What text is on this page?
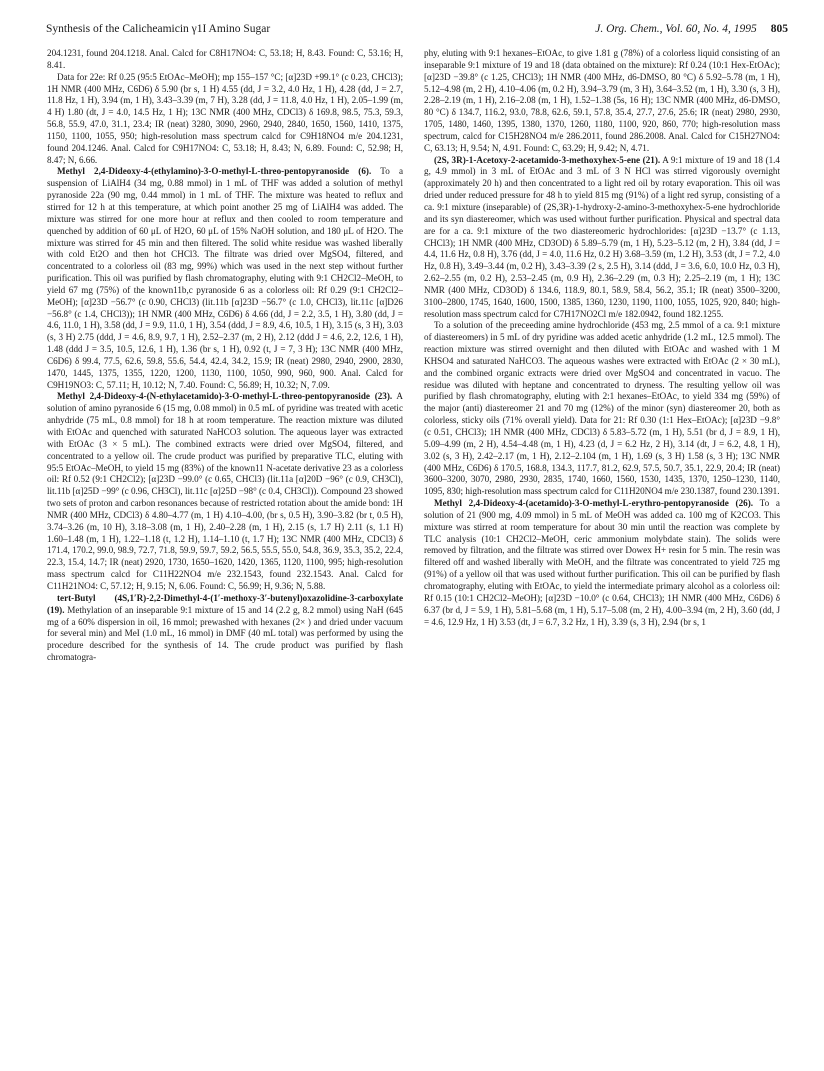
Synthesis of the Calicheamicin γ1I Amino Sugar	J. Org. Chem., Vol. 60, No. 4, 1995 805

204.1231, found 204.1218. Anal. Calcd for C8H17NO4: C, 53.18; H, 8.43. Found: C, 53.16; H, 8.41.

Data for 22e: Rf 0.25 (95:5 EtOAc–MeOH); mp 155–157 °C; [α]23D +99.1° (c 0.23, CHCl3); 1H NMR (400 MHz, C6D6) δ 5.90 (br s, 1 H) 4.55 (dd, J = 3.2, 4.0 Hz, 1 H), 4.28 (dd, J = 2.7, 11.8 Hz, 1 H), 3.94 (m, 1 H), 3.43–3.39 (m, 7 H), 3.28 (dd, J = 11.8, 4.0 Hz, 1 H), 2.05–1.99 (m, 4 H) 1.80 (dt, J = 4.0, 14.5 Hz, 1 H); 13C NMR (400 MHz, CDCl3) δ 169.8, 98.5, 75.3, 59.3, 56.8, 55.9, 47.0, 31.1, 23.4; IR (neat) 3280, 3090, 2960, 2940, 2840, 1650, 1560, 1410, 1375, 1150, 1100, 1055, 950; high-resolution mass spectrum calcd for C9H18NO4 m/e 204.1231, found 204.1246. Anal. Calcd for C9H17NO4: C, 53.18; H, 8.43; N, 6.89. Found: C, 52.98; H, 8.47; N, 6.66.

Methyl 2,4-Dideoxy-4-(ethylamino)-3-O-methyl-L-threo-pentopyranoside (6). To a suspension of LiAlH4 (34 mg, 0.88 mmol) in 1 mL of THF was added a solution of methyl pyranoside 22a (90 mg, 0.44 mmol) in 1 mL of THF. The mixture was heated to reflux and stirred for 12 h at this temperature, at which point another 25 mg of LiAlH4 was added. The mixture was stirred for one more hour at reflux and then cooled to room temperature and quenched by addition of 60 μL of H2O, 60 μL of 15% NaOH solution, and 180 μL of H2O. The mixture was stirred for 45 min and then filtered. The solid white residue was washed liberally with cold Et2O and then hot CHCl3. The filtrate was dried over MgSO4, filtered, and concentrated to a colorless oil (83 mg, 99%) which was used in the next step without further purification. This oil was purified by flash chromatography, eluting with 9:1 CH2Cl2–MeOH, to yield 67 mg (75%) of the known11b,c pyranoside 6 as a colorless oil: Rf 0.29 (9:1 CH2Cl2–MeOH); [α]23D −56.7° (c 0.90, CHCl3) (lit.11b [α]23D −56.7° (c 1.0, CHCl3), lit.11c [α]D26 −56.8° (c 1.4, CHCl3)); 1H NMR (400 MHz, C6D6) δ 4.66 (dd, J = 2.2, 3.5, 1 H), 3.80 (dd, J = 4.6, 11.0, 1 H), 3.58 (dd, J = 9.9, 11.0, 1 H), 3.54 (ddd, J = 8.9, 4.6, 10.5, 1 H), 3.15 (s, 3 H), 3.03 (s, 3 H) 2.75 (ddd, J = 4.6, 8.9, 9.7, 1 H), 2.52–2.37 (m, 2 H), 2.12 (ddd J = 4.6, 2.2, 12.6, 1 H), 1.48 (ddd J = 3.5, 10.5, 12.6, 1 H), 1.36 (br s, 1 H), 0.92 (t, J = 7, 3 H); 13C NMR (400 MHz, C6D6) δ 99.4, 77.5, 62.6, 59.8, 55.6, 54.4, 42.4, 34.2, 15.9; IR (neat) 2980, 2940, 2900, 2830, 1470, 1445, 1375, 1355, 1220, 1200, 1130, 1100, 1050, 990, 960, 900. Anal. Calcd for C9H19NO3: C, 57.11; H, 10.12; N, 7.40. Found: C, 56.89; H, 10.32; N, 7.09.

Methyl 2,4-Dideoxy-4-(N-ethylacetamido)-3-O-methyl-L-threo-pentopyranoside (23). A solution of amino pyranoside 6 (15 mg, 0.08 mmol) in 0.5 mL of pyridine was treated with acetic anhydride (75 mL, 0.8 mmol) for 18 h at room temperature. The reaction mixture was diluted with EtOAc and quenched with saturated NaHCO3 solution. The aqueous layer was extracted with EtOAc (3 × 5 mL). The combined extracts were dried over MgSO4, filtered, and concentrated to a yellow oil. The crude product was purified by preparative TLC, eluting with 95:5 EtOAc–MeOH, to yield 15 mg (83%) of the known11 N-acetate derivative 23 as a colorless oil: Rf 0.52 (9:1 CH2Cl2); [α]23D −99.0° (c 0.65, CHCl3) (lit.11a [α]20D −96° (c 0.9, CH3Cl), lit.11b [α]25D −99° (c 0.96, CH3Cl), lit.11c [α]25D −98° (c 0.4, CH3Cl)). Compound 23 showed two sets of proton and carbon resonances because of restricted rotation about the amide bond: 1H NMR (400 MHz, CDCl3) δ 4.80–4.77 (m, 1 H) 4.10–4.00, (br s, 0.5 H), 3.90–3.82 (br t, 0.5 H), 3.74–3.26 (m, 10 H), 3.18–3.08 (m, 1 H), 2.40–2.28 (m, 1 H), 2.15 (s, 1.7 H) 2.11 (s, 1.1 H) 1.60–1.48 (m, 1 H), 1.22–1.18 (t, 1.2 H), 1.14–1.10 (t, 1.7 H); 13C NMR (400 MHz, CDCl3) δ 171.4, 170.2, 99.0, 98.9, 72.7, 71.8, 59.9, 59.7, 59.2, 56.5, 55.5, 55.0, 54.8, 36.9, 35.3, 35.2, 22.4, 22.3, 15.4, 14.7; IR (neat) 2920, 1730, 1650–1620, 1420, 1365, 1120, 1100, 995; high-resolution mass spectrum calcd for C11H22NO4 m/e 232.1543, found 232.1543. Anal. Calcd for C11H21NO4: C, 57.12; H, 9.15; N, 6.06. Found: C, 56.99; H, 9.36; N, 5.88.

tert-Butyl (4S,1′R)-2,2-Dimethyl-4-(1′-methoxy-3′-butenyl)oxazolidine-3-carboxylate (19). Methylation of an inseparable 9:1 mixture of 15 and 14 (2.2 g, 8.2 mmol) using NaH (645 mg of a 60% dispersion in oil, 16 mmol; prewashed with hexanes (2× ) and dried under vacuum for several min) and MeI (1.0 mL, 16 mmol) in DMF (40 mL total) was performed by using the procedure described for the synthesis of 14. The crude product was purified by flash chromatogra-

phy, eluting with 9:1 hexanes–EtOAc, to give 1.81 g (78%) of a colorless liquid consisting of an inseparable 9:1 mixture of 19 and 18 (data obtained on the mixture): Rf 0.24 (10:1 Hex-EtOAc); [α]23D −39.8° (c 1.25, CHCl3); 1H NMR (400 MHz, d6-DMSO, 80 °C) δ 5.92–5.78 (m, 1 H), 5.12–4.98 (m, 2 H), 4.10–4.06 (m, 0.2 H), 3.94–3.79 (m, 3 H), 3.64–3.52 (m, 1 H), 3.30 (s, 3 H), 2.28–2.19 (m, 1 H), 2.16–2.08 (m, 1 H), 1.52–1.38 (5s, 16 H); 13C NMR (400 MHz, d6-DMSO, 80 °C) δ 134.7, 116.2, 93.0, 78.8, 62.6, 59.1, 57.8, 35.4, 27.7, 27.6, 25.6; IR (neat) 2980, 2930, 1705, 1480, 1460, 1395, 1380, 1370, 1260, 1180, 1100, 920, 860, 770; high-resolution mass spectrum, calcd for C15H28NO4 m/e 286.2011, found 286.2008. Anal. Calcd for C15H27NO4: C, 63.13; H, 9.54; N, 4.91. Found: C, 63.29; H, 9.42; N, 4.71.

(2S, 3R)-1-Acetoxy-2-acetamido-3-methoxyhex-5-ene (21). A 9:1 mixture of 19 and 18 (1.4 g, 4.9 mmol) in 3 mL of EtOAc and 3 mL of 3 N HCl was stirred vigorously overnight (approximately 20 h) and then concentrated to a light red oil by rotary evaporation. This oil was dried under reduced pressure for 48 h to yield 815 mg (91%) of a light red syrup, consisting of a ca. 9:1 mixture (inseparable) of (2S,3R)-1-hydroxy-2-amino-3-methoxyhex-5-ene hydrochloride and its syn diastereomer, which was used without further purification. Physical and spectral data are for a ca. 9:1 mixture of the two diastereomeric hydrochlorides: [α]23D −13.7° (c 1.13, CHCl3); 1H NMR (400 MHz, CD3OD) δ 5.89–5.79 (m, 1 H), 5.23–5.12 (m, 2 H), 3.84 (dd, J = 4.4, 11.6 Hz, 0.8 H), 3.76 (dd, J = 4.0, 11.6 Hz, 0.2 H) 3.68–3.59 (m, 1.2 H), 3.53 (dt, J = 7.2, 4.0 Hz, 0.8 H), 3.49–3.44 (m, 0.2 H), 3.43–3.39 (2 s, 2.5 H), 3.14 (ddd, J = 3.6, 6.0, 10.0 Hz, 0.3 H), 2.62–2.55 (m, 0.2 H), 2.53–2.45 (m, 0.9 H), 2.36–2.29 (m, 0.3 H); 2.25–2.19 (m, 1 H); 13C NMR (400 MHz, CD3OD) δ 134.6, 118.9, 80.1, 58.9, 58.4, 56.2, 35.1; IR (neat) 3500–3200, 3100–2800, 1745, 1640, 1600, 1500, 1385, 1360, 1230, 1190, 1100, 1055, 1025, 920, 840; high-resolution mass spectrum calcd for C7H17NO2Cl m/e 182.0942, found 182.1255.

To a solution of the preceeding amine hydrochloride (453 mg, 2.5 mmol of a ca. 9:1 mixture of diastereomers) in 5 mL of dry pyridine was added acetic anhydride (1.2 mL, 12.5 mmol). The reaction mixture was stirred overnight and then diluted with EtOAc and washed with 1 M KHSO4 and saturated NaHCO3. The aqueous washes were extracted with EtOAc (2 × 30 mL), and the combined organic extracts were dried over MgSO4 and concentrated in vacuo. The residue was diluted with heptane and concentrated to dryness. The resulting yellow oil was purified by flash chromatography, eluting with 2:1 hexanes–EtOAc, to yield 334 mg (59%) of the major (anti) diastereomer 21 and 70 mg (12%) of the minor (syn) diastereomer 20, both as colorless, sticky oils (71% overall yield). Data for 21: Rf 0.30 (1:1 Hex–EtOAc); [α]23D −9.8° (c 0.51, CHCl3); 1H NMR (400 MHz, CDCl3) δ 5.83–5.72 (m, 1 H), 5.51 (br d, J = 8.9, 1 H), 5.09–4.99 (m, 2 H), 4.54–4.48 (m, 1 H), 4.23 (d, J = 6.2 Hz, 2 H), 3.14 (dt, J = 6.2, 4.8, 1 H), 3.02 (s, 3 H), 2.42–2.17 (m, 1 H), 2.12–2.104 (m, 1 H), 1.69 (s, 3 H) 1.58 (s, 3 H); 13C NMR (400 MHz, C6D6) δ 170.5, 168.8, 134.3, 117.7, 81.2, 62.9, 57.5, 50.7, 35.1, 22.9, 20.4; IR (neat) 3600–3200, 3070, 2980, 2930, 2835, 1740, 1660, 1560, 1530, 1435, 1370, 1250–1230, 1140, 1095, 830; high-resolution mass spectrum calcd for C11H20NO4 m/e 230.1387, found 230.1391.

Methyl 2,4-Dideoxy-4-(acetamido)-3-O-methyl-L-erythro-pentopyranoside (26). To a solution of 21 (900 mg, 4.09 mmol) in 5 mL of MeOH was added ca. 100 mg of K2CO3. This mixture was stirred at room temperature for about 30 min until the reaction was complete by TLC analysis (10:1 CH2Cl2–MeOH, ceric ammonium molybdate stain). The solids were removed by filtration, and the filtrate was stirred over Dowex H+ resin for 5 min. The resin was filtered off and washed liberally with MeOH, and the filtrate was concentrated to yield 725 mg (91%) of a yellow oil that was used without further purification. This oil can be purified by flash chromatography, eluting with EtOAc, to yield the intermediate primary alcohol as a colorless oil: Rf 0.15 (10:1 CH2Cl2–MeOH); [α]23D −10.0° (c 0.64, CHCl3); 1H NMR (400 MHz, C6D6) δ 6.37 (br d, J = 5.9, 1 H), 5.81–5.68 (m, 1 H), 5.17–5.08 (m, 2 H), 4.00–3.94 (m, 2 H), 3.60 (dd, J = 4.6, 12.9 Hz, 1 H) 3.53 (dt, J = 6.7, 3.2 Hz, 1 H), 3.39 (s, 3 H), 2.94 (br s, 1
